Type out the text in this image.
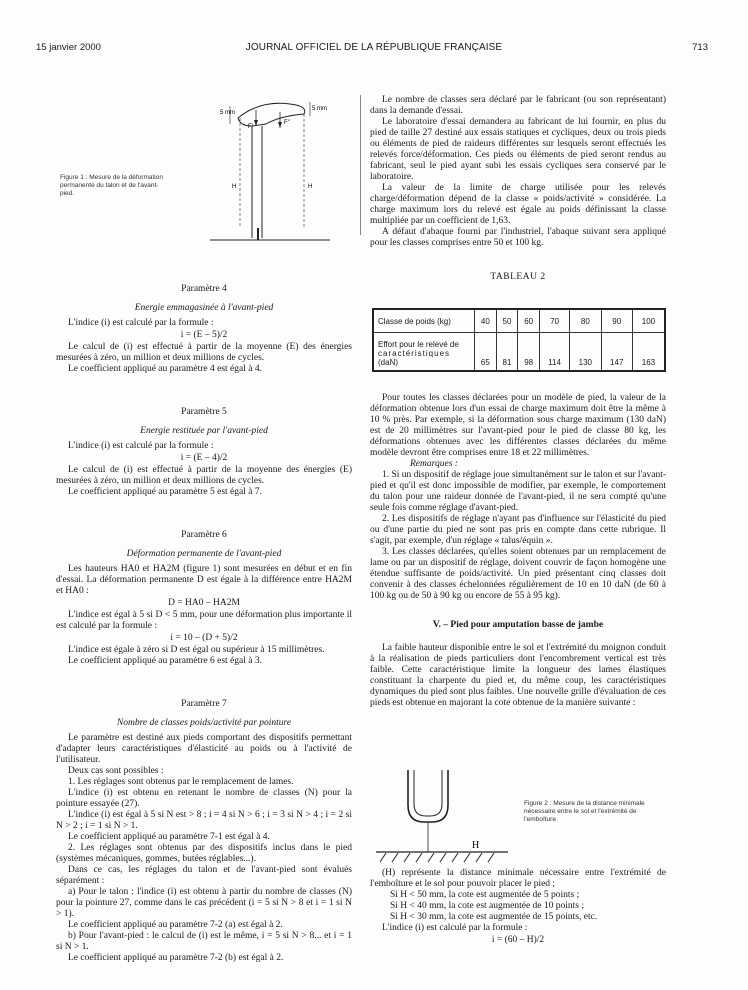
15 janvier 2000	JOURNAL OFFICIEL DE LA RÉPUBLIQUE FRANÇAISE	713
5 mm
5 mm
F'
F''
H	H
Figure 1 : Mesure de la déformation permanente du talon et de l'avant-pied.
Paramètre 4
Energie emmagasinée à l'avant-pied

L'indice (i) est calculé par la formule :

i = (E – 5)/2

Le calcul de (i) est effectué à partir de la moyenne (E) des énergies mesurées à zéro, un million et deux millions de cycles.

Le coefficient appliqué au paramètre 4 est égal à 4.

Paramètre 5
Energie restituée par l'avant-pied

L'indice (i) est calculé par la formule :

i = (E – 4)/2

Le calcul de (i) est effectué à partir de la moyenne des énergies (E) mesurées à zéro, un million et deux millions de cycles.

Le coefficient appliqué au paramètre 5 est égal à 7.

Paramètre 6
Déformation permanente de l'avant-pied

Les hauteurs HA0 et HA2M (figure 1) sont mesurées en début et en fin d'essai. La déformation permanente D est égale à la différence entre HA2M et HA0 :

D = HA0 – HA2M

L'indice est égal à 5 si D < 5 mm, pour une déformation plus importante il est calculé par la formule :

i = 10 – (D + 5)/2

L'indice est égale à zéro si D est égal ou supérieur à 15 millimètres.

Le coefficient appliqué au paramètre 6 est égal à 3.

Paramètre 7
Nombre de classes poids/activité par pointure

Le paramètre est destiné aux pieds comportant des dispositifs permettant d'adapter leurs caractéristiques d'élasticité au poids ou à l'activité de l'utilisateur.

Deux cas sont possibles :

1. Les réglages sont obtenus par le remplacement de lames.

L'indice (i) est obtenu en retenant le nombre de classes (N) pour la pointure essayée (27).

L'indice (i) est égal à 5 si N est > 8 ; i = 4 si N > 6 ; i = 3 si N > 4 ; i = 2 si N > 2 ; i = 1 si N > 1.

Le coefficient appliqué au paramètre 7-1 est égal à 4.

2. Les réglages sont obtenus par des dispositifs inclus dans le pied (systèmes mécaniques, gommes, butées réglables...).

Dans ce cas, les réglages du talon et de l'avant-pied sont évalués séparément :

a) Pour le talon : l'indice (i) est obtenu à partir du nombre de classes (N) pour la pointure 27, comme dans le cas précédent (i = 5 si N > 8 et i = 1 si N > 1).

Le coefficient appliqué au paramètre 7-2 (a) est égal à 2.

b) Pour l'avant-pied : le calcul de (i) est le même, i = 5 si N > 8... et i = 1 si N > 1.

Le coefficient appliqué au paramètre 7-2 (b) est égal à 2.

Le nombre de classes sera déclaré par le fabricant (ou son représentant) dans la demande d'essai.

Le laboratoire d'essai demandera au fabricant de lui fournir, en plus du pied de taille 27 destiné aux essais statiques et cycliques, deux ou trois pieds ou éléments de pied de raideurs différentes sur lesquels seront effectués les relevés force/déformation. Ces pieds ou éléments de pied seront rendus au fabricant, seul le pied ayant subi les essais cycliques sera conservé par le laboratoire.

La valeur de la limite de charge utilisée pour les relevés charge/déformation dépend de la classe « poids/activité » considérée. La charge maximum lors du relevé est égale au poids définissant la classe multipliée par un coefficient de 1,63.

A défaut d'abaque fourni par l'industriel, l'abaque suivant sera appliqué pour les classes comprises entre 50 et 100 kg.

TABLEAU 2
Classe de poids (kg)	40	50	60	70	80	90	100

Effort pour le relevé de
caractéristiques
(daN)	65	81	98	114	130	147	163

Pour toutes les classes déclarées pour un modèle de pied, la valeur de la déformation obtenue lors d'un essai de charge maximum doit être la même à 10 % près. Par exemple, si la déformation sous charge maximum (130 daN) est de 20 millimètres sur l'avant-pied pour le pied de classe 80 kg, les déformations obtenues avec les différentes classes déclarées du même modèle devront être comprises entre 18 et 22 millimètres.

Remarques :

1. Si un dispositif de réglage joue simultanément sur le talon et sur l'avant-pied et qu'il est donc impossible de modifier, par exemple, le comportement du talon pour une raideur donnée de l'avant-pied, il ne sera compté qu'une seule fois comme réglage d'avant-pied.

2. Les dispositifs de réglage n'ayant pas d'influence sur l'élasticité du pied ou d'une partie du pied ne sont pas pris en compte dans cette rubrique. Il s'agit, par exemple, d'un réglage « talus/équin ».

3. Les classes déclarées, qu'elles soient obtenues par un remplacement de lame ou par un dispositif de réglage, doivent couvrir de façon homogène une étendue suffisante de poids/activité. Un pied présentant cinq classes doit convenir à des classes échelonnées régulièrement de 10 en 10 daN (de 60 à 100 kg ou de 50 à 90 kg ou encore de 55 à 95 kg).

V. – Pied pour amputation basse de jambe

La faible hauteur disponible entre le sol et l'extrémité du moignon conduit à la réalisation de pieds particuliers dont l'encombrement vertical est très faible. Cette caractéristique limite la longueur des lames élastiques constituant la charpente du pied et, du même coup, les caractéristiques dynamiques du pied sont plus faibles. Une nouvelle grille d'évaluation de ces pieds est obtenue en majorant la cote obtenue de la manière suivante :

H
Figure 2 : Mesure de la distance minimale nécessaire entre le sol et l'extrémité de l'emboîture

(H) représente la distance minimale nécessaire entre l'extrémité de l'emboîture et le sol pour pouvoir placer le pied ;

Si H < 50 mm, la cote est augmentée de 5 points ;

Si H < 40 mm, la cote est augmentée de 10 points ;

Si H < 30 mm, la cote est augmentée de 15 points, etc.

L'indice (i) est calculé par la formule :

i = (60 – H)/2
